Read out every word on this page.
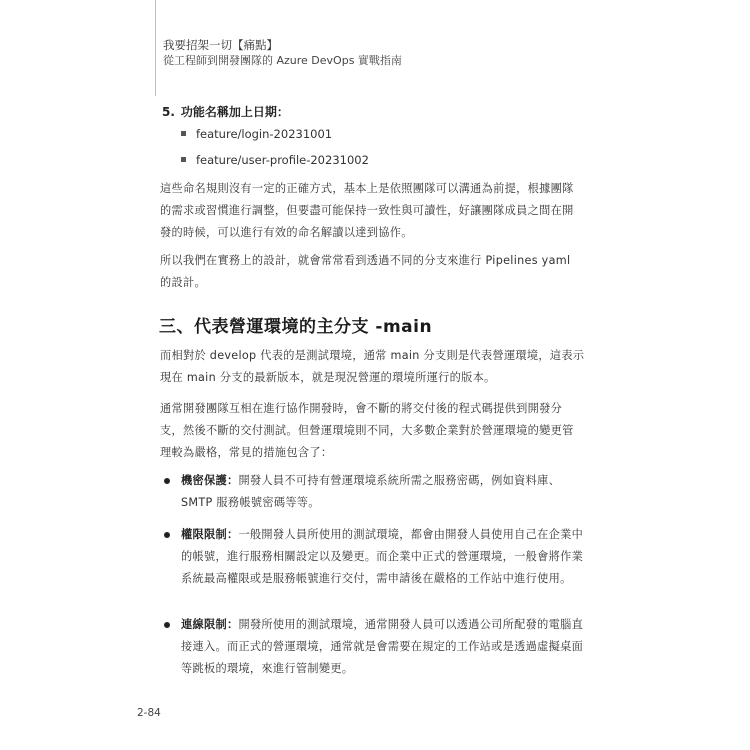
我要招架一切【痛點】
從工程師到開發團隊的 Azure DevOps 實戰指南
5. 功能名稱加上日期：
feature/login-20231001
feature/user-profile-20231002

這些命名規則沒有一定的正確方式，基本上是依照團隊可以溝通為前提，根據團隊的需求或習慣進行調整，但要盡可能保持一致性與可讀性，好讓團隊成員之間在開發的時候，可以進行有效的命名解讀以達到協作。

所以我們在實務上的設計，就會常常看到透過不同的分支來進行 Pipelines yaml 的設計。

三、代表營運環境的主分支 -main

而相對於 develop 代表的是測試環境，通常 main 分支則是代表營運環境，這表示現在 main 分支的最新版本，就是現況營運的環境所運行的版本。

通常開發團隊互相在進行協作開發時，會不斷的將交付後的程式碼提供到開發分支，然後不斷的交付測試。但營運環境則不同，大多數企業對於營運環境的變更管理較為嚴格，常見的措施包含了：

機密保護：開發人員不可持有營運環境系統所需之服務密碼，例如資料庫、SMTP 服務帳號密碼等等。
權限限制：一般開發人員所使用的測試環境，都會由開發人員使用自己在企業中的帳號，進行服務相關設定以及變更。而企業中正式的營運環境，一般會將作業系統最高權限或是服務帳號進行交付，需申請後在嚴格的工作站中進行使用。
連線限制：開發所使用的測試環境，通常開發人員可以透過公司所配發的電腦直接連入。而正式的營運環境，通常就是會需要在規定的工作站或是透過虛擬桌面等跳板的環境，來進行管制變更。
2-84
